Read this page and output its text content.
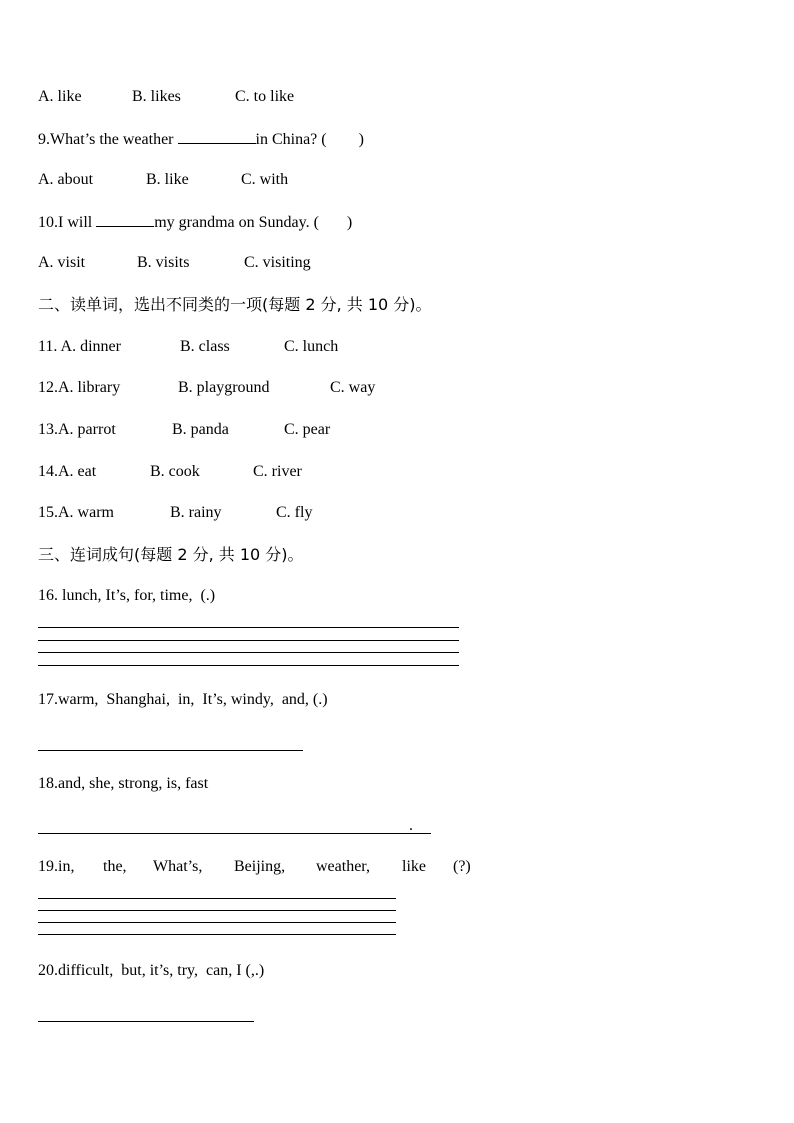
A. like

	B. likes

	C. to like

9.What’s the weather	in China? (        )

A. about

	B. like

	C. with

10.I will	my grandma on Sunday. (       )

A. visit

	B. visits

	C. visiting

二、读单词，选出不同类的一项(每题 2 分, 共 10 分)。

11. A. dinner

	B. class

	C. lunch

12.A. library

	B. playground

	C. way

13.A. parrot

	B. panda

	C. pear

14.A. eat

	B. cook

	C. river

15.A. warm

	B. rainy

	C. fly

三、连词成句(每题 2 分, 共 10 分)。
16. lunch, It’s, for, time,  (.)
17.warm,  Shanghai,  in,  It’s, windy,  and, (.)
18.and, she, strong, is, fast
.

19.in,

the,

What’s,

Beijing,

weather,

like

(?)

20.difficult,  but, it’s, try,  can, I (,.)
